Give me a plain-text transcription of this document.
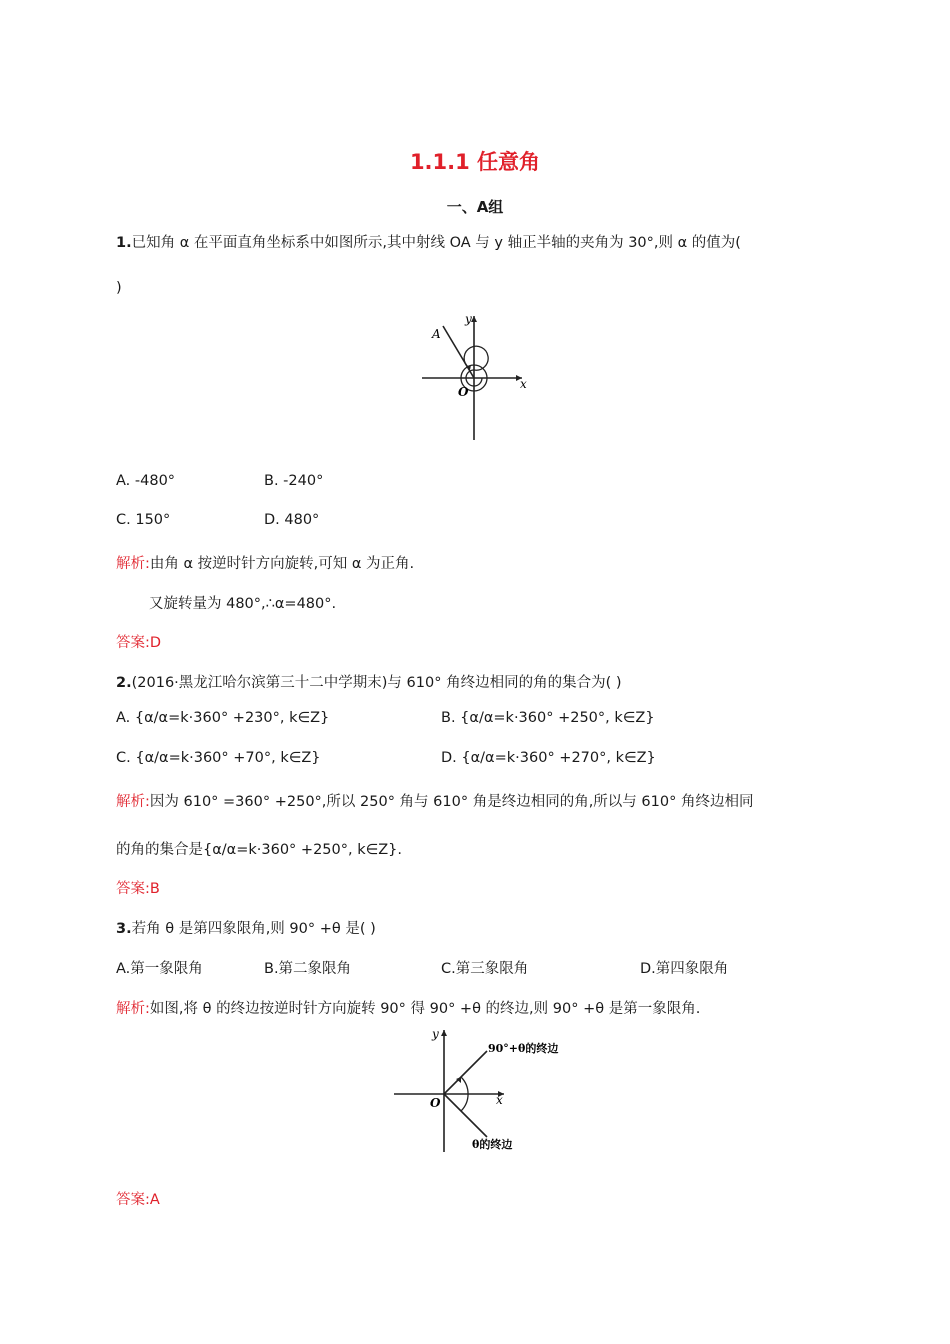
1.1.1 任意角
一、A组
1.已知角 α 在平面直角坐标系中如图所示,其中射线 OA 与 y 轴正半轴的夹角为 30°,则 α 的值为(
)
A
y
x
O
A. -480°	B. -240°
C. 150°	D. 480°
解析:由角 α 按逆时针方向旋转,可知 α 为正角.
又旋转量为 480°,∴α=480°.
答案:D
2.(2016·黑龙江哈尔滨第三十二中学期末)与 610° 角终边相同的角的集合为( )
A. {α/α=k·360° +230°, k∈Z}	B. {α/α=k·360° +250°, k∈Z}
C. {α/α=k·360° +70°, k∈Z}	D. {α/α=k·360° +270°, k∈Z}
解析:因为 610° =360° +250°,所以 250° 角与 610° 角是终边相同的角,所以与 610° 角终边相同
的角的集合是{α/α=k·360° +250°, k∈Z}.
答案:B
3.若角 θ 是第四象限角,则 90° +θ 是( )
A.第一象限角	B.第二象限角	C.第三象限角	D.第四象限角
解析:如图,将 θ 的终边按逆时针方向旋转 90° 得 90° +θ 的终边,则 90° +θ 是第一象限角.
y
x
O
90°+θ的终边
θ的终边
答案:A
